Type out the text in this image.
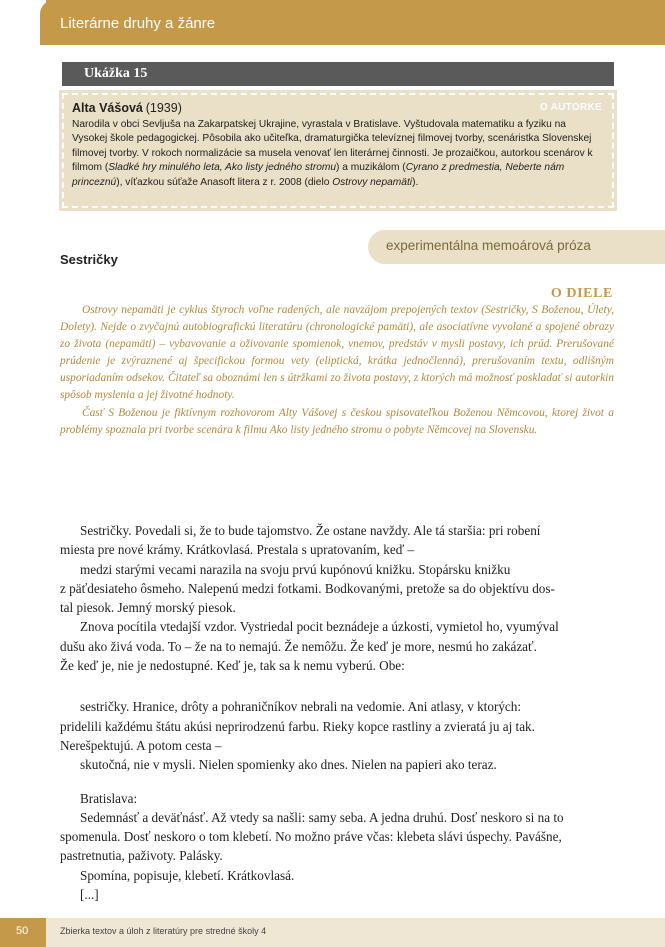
Literárne druhy a žánre
Ukážka 15
O AUTORKE
Alta Vášová (1939)
Narodila v obci Sevljuša na Zakarpatskej Ukrajine, vyrastala v Bratislave. Vyštudovala matematiku a fyziku na Vysokej škole pedagogickej. Pôsobila ako učiteľka, dramaturgička televíznej filmovej tvorby, scenáristka Slovenskej filmovej tvorby. V rokoch normalizácie sa musela venovať len literárnej činnosti. Je prozaičkou, autorkou scenárov k filmom (Sladké hry minulého leta, Ako listy jedného stromu) a muzikálom (Cyrano z predmestia, Neberte nám princeznú), víťazkou súťaže Anasoft litera z r. 2008 (dielo Ostrovy nepamäti).
experimentálna memoárová próza
Sestričky
O DIELE

Ostrovy nepamäti je cyklus štyroch voľne radených, ale navzájom prepojených textov (Sestričky, S Boženou, Úlety, Dolety). Nejde o zvyčajnú autobiografickú literatúru (chronologické pamäti), ale asociatívne vyvolané a spojené obrazy zo života (nepamäti) – vybavovanie a oživovanie spomienok, vnemov, predstáv v mysli postavy, ich prúd. Prerušované prúdenie je zvýraznené aj špecifickou formou vety (eliptická, krátka jednočlenná), prerušovaním textu, odlišným usporiadaním odsekov. Čitateľ sa oboznámi len s útržkami zo života postavy, z ktorých má možnosť poskladať si autorkin spôsob myslenia a jej životné hodnoty.

Časť S Boženou je fiktívnym rozhovorom Alty Vášovej s českou spisovateľkou Boženou Němcovou, ktorej život a problémy spoznala pri tvorbe scenára k filmu Ako listy jedného stromu o pobyte Němcovej na Slovensku.

Sestričky. Povedali si, že to bude tajomstvo. Že ostane navždy. Ale tá staršia: pri robení
miesta pre nové krámy. Krátkovlasá. Prestala s upratovaním, keď –
medzi starými vecami narazila na svoju prvú kupónovú knižku. Stopársku knižku
z päťdesiateho ôsmeho. Nalepenú medzi fotkami. Bodkovanými, pretože sa do objektívu dos-
tal piesok. Jemný morský piesok.
Znova pocítila vtedajší vzdor. Vystriedal pocit beznádeje a úzkosti, vymietol ho, vyumýval
dušu ako živá voda. To – že na to nemajú. Že nemôžu. Že keď je more, nesmú ho zakázať.
Že keď je, nie je nedostupné. Keď je, tak sa k nemu vyberú. Obe:
sestričky. Hranice, drôty a pohraničníkov nebrali na vedomie. Ani atlasy, v ktorých:
pridelili každému štátu akúsi neprirodzenú farbu. Rieky kopce rastliny a zvieratá ju aj tak.
Nerešpektujú. A potom cesta –
skutočná, nie v mysli. Nielen spomienky ako dnes. Nielen na papieri ako teraz.
Bratislava:
Sedemnásť a deväťnásť. Až vtedy sa našli: samy seba. A jedna druhú. Dosť neskoro si na to
spomenula. Dosť neskoro o tom klebetí. No možno práve včas: klebeta slávi úspechy. Pavášne,
pastretnutia, paživoty. Palásky.
Spomína, popisuje, klebetí. Krátkovlasá.
[...]
50	Zbierka textov a úloh z literatúry pre stredné školy 4
